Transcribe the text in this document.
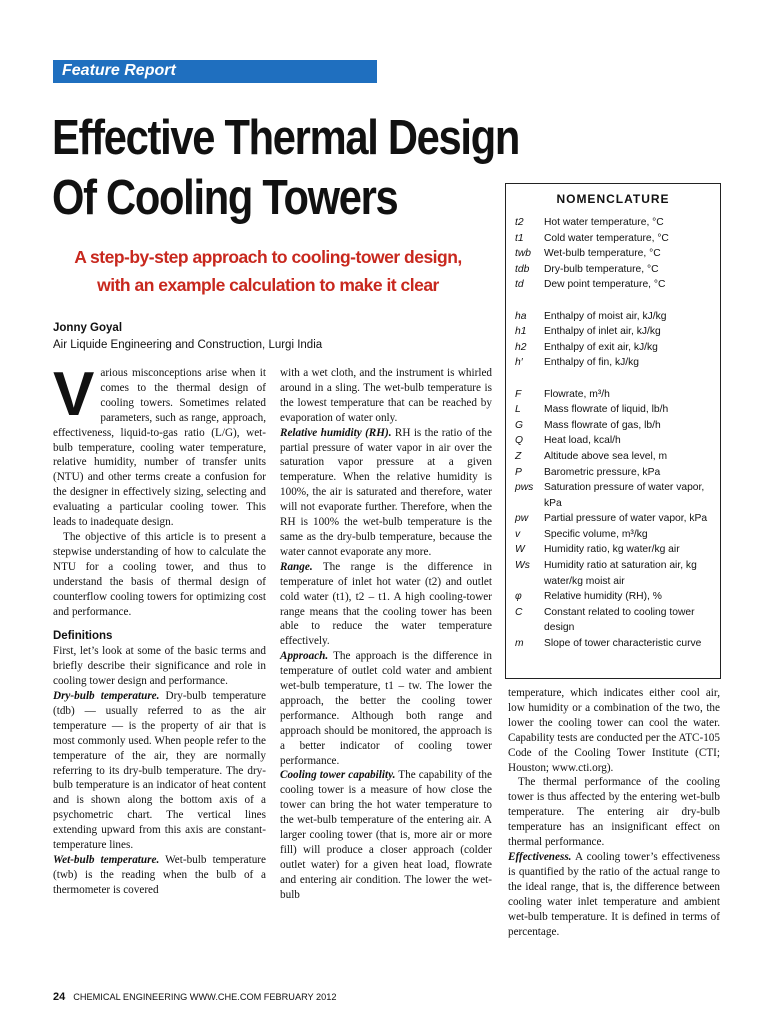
Feature Report
Effective Thermal Design
Of Cooling Towers
A step-by-step approach to cooling-tower design,
with an example calculation to make it clear
Jonny Goyal
Air Liquide Engineering and Construction, Lurgi India

Various misconceptions arise when it comes to the thermal design of cooling towers. Sometimes related parameters, such as range, approach, effectiveness, liquid-to-gas ratio (L/G), wet-bulb temperature, cooling water temperature, relative humidity, number of transfer units (NTU) and other terms create a confusion for the designer in effectively sizing, selecting and evaluating a particular cooling tower. This leads to inadequate design.

The objective of this article is to present a stepwise understanding of how to calculate the NTU for a cooling tower, and thus to understand the basis of thermal design of counterflow cooling towers for optimizing cost and performance.

Definitions

First, let’s look at some of the basic terms and briefly describe their significance and role in cooling tower design and performance.

Dry-bulb temperature. Dry-bulb temperature (tdb) — usually referred to as the air temperature — is the property of air that is most commonly used. When people refer to the temperature of the air, they are normally referring to its dry-bulb temperature. The dry-bulb temperature is an indicator of heat content and is shown along the bottom axis of a psychometric chart. The vertical lines extending upward from this axis are constant-temperature lines.

Wet-bulb temperature. Wet-bulb temperature (twb) is the reading when the bulb of a thermometer is covered

with a wet cloth, and the instrument is whirled around in a sling. The wet-bulb temperature is the lowest temperature that can be reached by evaporation of water only.

Relative humidity (RH). RH is the ratio of the partial pressure of water vapor in air over the saturation vapor pressure at a given temperature. When the relative humidity is 100%, the air is saturated and therefore, water will not evaporate further. Therefore, when the RH is 100% the wet-bulb temperature is the same as the dry-bulb temperature, because the water cannot evaporate any more.

Range. The range is the difference in temperature of inlet hot water (t2) and outlet cold water (t1), t2 – t1. A high cooling-tower range means that the cooling tower has been able to reduce the water temperature effectively.

Approach. The approach is the difference in temperature of outlet cold water and ambient wet-bulb temperature, t1 – tw. The lower the approach, the better the cooling tower performance. Although both range and approach should be monitored, the approach is a better indicator of cooling tower performance.

Cooling tower capability. The capability of the cooling tower is a measure of how close the tower can bring the hot water temperature to the wet-bulb temperature of the entering air. A larger cooling tower (that is, more air or more fill) will produce a closer approach (colder outlet water) for a given heat load, flowrate and entering air condition. The lower the wet-bulb

temperature, which indicates either cool air, low humidity or a combination of the two, the lower the cooling tower can cool the water. Capability tests are conducted per the ATC-105 Code of the Cooling Tower Institute (CTI; Houston; www.cti.org).

The thermal performance of the cooling tower is thus affected by the entering wet-bulb temperature. The entering air dry-bulb temperature has an insignificant effect on thermal performance.

Effectiveness. A cooling tower’s effectiveness is quantified by the ratio of the actual range to the ideal range, that is, the difference between cooling water inlet temperature and ambient wet-bulb temperature. It is defined in terms of percentage.

NOMENCLATURE
t2	Hot water temperature, °C
t1	Cold water temperature, °C
twb	Wet-bulb temperature, °C
tdb	Dry-bulb temperature, °C
td	Dew point temperature, °C
ha	Enthalpy of moist air, kJ/kg
h1	Enthalpy of inlet air, kJ/kg
h2	Enthalpy of exit air, kJ/kg
h′	Enthalpy of fin, kJ/kg
F	Flowrate, m³/h
L	Mass flowrate of liquid, lb/h
G	Mass flowrate of gas, lb/h
Q	Heat load, kcal/h
Z	Altitude above sea level, m
P	Barometric pressure, kPa
pws	Saturation pressure of water vapor, kPa
pw	Partial pressure of water vapor, kPa
v	Specific volume, m³/kg
W	Humidity ratio, kg water/kg air
Ws	Humidity ratio at saturation air, kg water/kg moist air
φ	Relative humidity (RH), %
C	Constant related to cooling tower design
m	Slope of tower characteristic curve
24 CHEMICAL ENGINEERING WWW.CHE.COM FEBRUARY 2012
